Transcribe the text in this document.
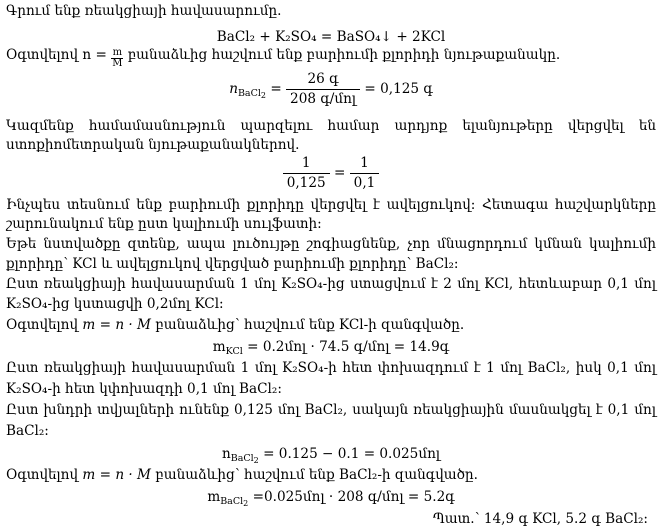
Գրում ենք ռեակցիայի հավասարումը.
BaCl₂ + K₂SO₄ = BaSO₄↓ + 2KCl
Օգտվելով $n = \frac{m}{M}$ բանաձևից հաշվում ենք բարիումի քլորիդի նյութաքանակը.
$n_{BaCl_2} = \frac{\text{26 գ}}{\text{208 գ/մոլ}} = 0,125$ գ
Կազմենք համամասնություն պարզելու համար արդյոք ելանյութերը վերցվել են
ստոքիոմետրական նյութաքանակներով.
$\frac{1}{0,125} = \frac{1}{0,1}$
Ինչպես տեսնում ենք բարիումի քլորիդը վերցվել է ավելցուկով: Հետագա հաշվարկները
շարունակում ենք ըստ կալիումի սուլֆատի:
Եթե նստվածքը զտենք, ապա լուծույթը շոգիացնենք, չոր մնացորդում կմնան կալիումի
քլորիդը՝ KCl և ավելցուկով վերցված բարիումի քլորիդը՝ BaCl₂:
Ըստ ռեակցիայի հավասարման 1 մոլ K₂SO₄-ից ստացվում է 2 մոլ KCl, հետևաբար 0,1 մոլ
K₂SO₄-ից կստացվի 0,2մոլ KCl:
Օգտվելով m = n · M բանաձևից՝ հաշվում ենք KCl-ի զանգվածը.
$m_{KCl}$ = 0.2մոլ · 74.5 գ/մոլ = 14.9գ
Ըստ ռեակցիայի հավասարման 1 մոլ K₂SO₄-ի հետ փոխազդում է 1 մոլ BaCl₂, իսկ 0,1 մոլ
K₂SO₄-ի հետ կփոխազդի 0,1 մոլ BaCl₂:
Ըստ խնդրի տվյալների ունենք 0,125 մոլ BaCl₂, սակայն ռեակցիային մասնակցել է 0,1 մոլ
BaCl₂:
$n_{BaCl_2} = 0.125 - 0.1$ = 0.025մոլ
Օգտվելով m = n · M բանաձևից՝ հաշվում ենք BaCl₂-ի զանգվածը.
$m_{BaCl_2}$ =0.025մոլ · 208 գ/մոլ = 5.2գ
Պատ.՝ 14,9 գ KCl, 5.2 գ BaCl₂:
